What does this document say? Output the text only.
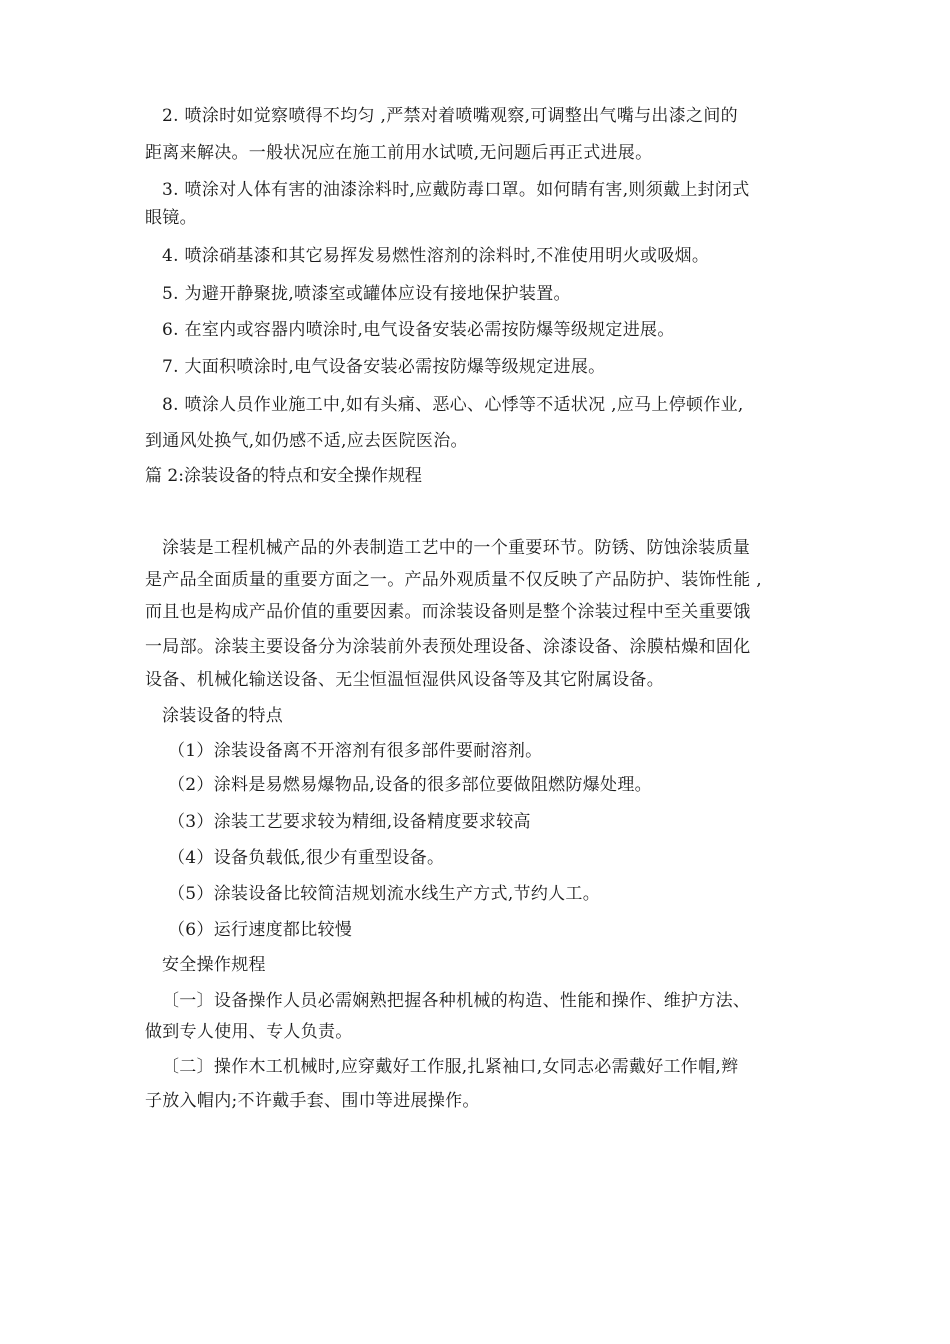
2. 喷涂时如觉察喷得不均匀 ,严禁对着喷嘴观察,可调整出气嘴与出漆之间的
距离来解决。一般状况应在施工前用水试喷,无问题后再正式进展。
3. 喷涂对人体有害的油漆涂料时,应戴防毒口罩。如何睛有害,则须戴上封闭式
眼镜。
4. 喷涂硝基漆和其它易挥发易燃性溶剂的涂料时,不准使用明火或吸烟。
5. 为避开静聚拢,喷漆室或罐体应设有接地保护装置。
6. 在室内或容器内喷涂时,电气设备安装必需按防爆等级规定进展。
7. 大面积喷涂时,电气设备安装必需按防爆等级规定进展。
8. 喷涂人员作业施工中,如有头痛、恶心、心悸等不适状况 ,应马上停顿作业,
到通风处换气,如仍感不适,应去医院医治。
篇 2:涂装设备的特点和安全操作规程
涂装是工程机械产品的外表制造工艺中的一个重要环节。防锈、防蚀涂装质量
是产品全面质量的重要方面之一。产品外观质量不仅反映了产品防护、装饰性能 ,
而且也是构成产品价值的重要因素。而涂装设备则是整个涂装过程中至关重要饿
一局部。涂装主要设备分为涂装前外表预处理设备、涂漆设备、涂膜枯燥和固化
设备、机械化输送设备、无尘恒温恒湿供风设备等及其它附属设备。
涂装设备的特点
（1）涂装设备离不开溶剂有很多部件要耐溶剂。
（2）涂料是易燃易爆物品,设备的很多部位要做阻燃防爆处理。
（3）涂装工艺要求较为精细,设备精度要求较高
（4）设备负载低,很少有重型设备。
（5）涂装设备比较简洁规划流水线生产方式,节约人工。
（6）运行速度都比较慢
安全操作规程
〔一〕设备操作人员必需娴熟把握各种机械的构造、性能和操作、维护方法、
做到专人使用、专人负责。
〔二〕操作木工机械时,应穿戴好工作服,扎紧袖口,女同志必需戴好工作帽,辫
子放入帽内;不许戴手套、围巾等进展操作。
